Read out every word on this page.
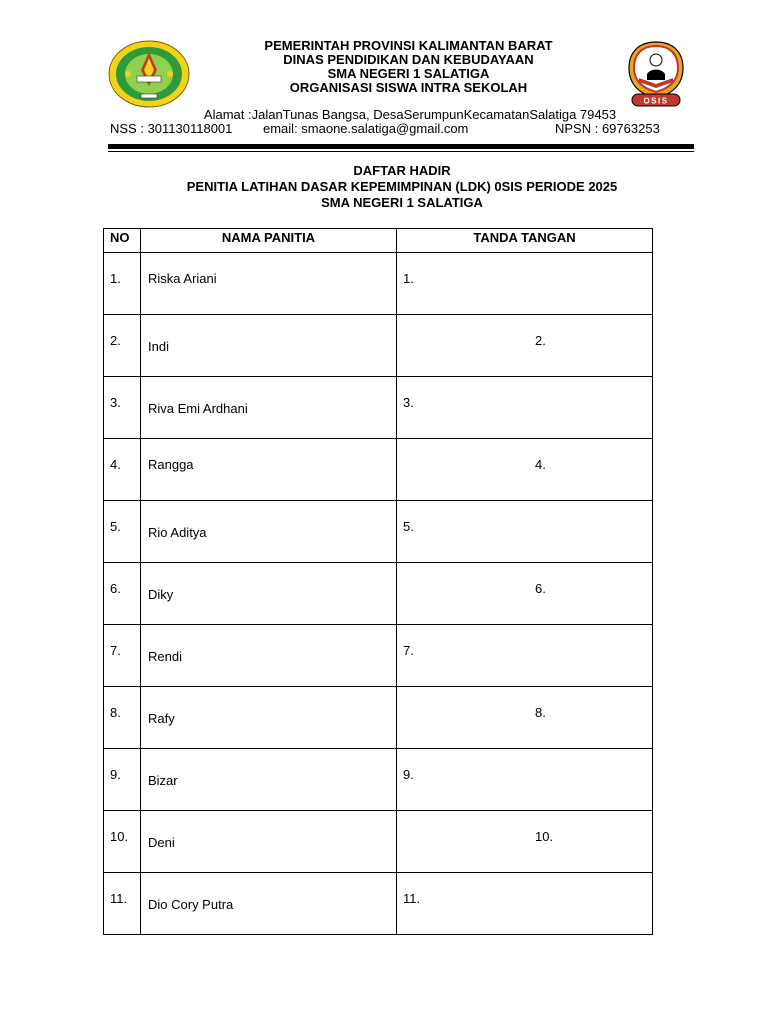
OSIS
PEMERINTAH PROVINSI KALIMANTAN BARAT
DINAS PENDIDIKAN DAN KEBUDAYAAN
SMA NEGERI 1 SALATIGA
ORGANISASI SISWA INTRA SEKOLAH
Alamat :JalanTunas Bangsa, DesaSerumpunKecamatanSalatiga 79453
NSS : 301130118001 email: smaone.salatiga@gmail.com	NPSN : 69763253
DAFTAR HADIR
PENITIA LATIHAN DASAR KEPEMIMPINAN (LDK) 0SIS PERIODE 2025
SMA NEGERI 1 SALATIGA
NO	NAMA PANITIA	TANDA TANGAN

1.	Riska Ariani	1.

2.	Indi	2.

3.	Riva Emi Ardhani	3.

4.	Rangga	4.

5.	Rio Aditya	5.

6.	Diky	6.

7.	Rendi	7.

8.	Rafy	8.

9.	Bizar	9.

10.	Deni	10.

11.	Dio Cory Putra	11.
